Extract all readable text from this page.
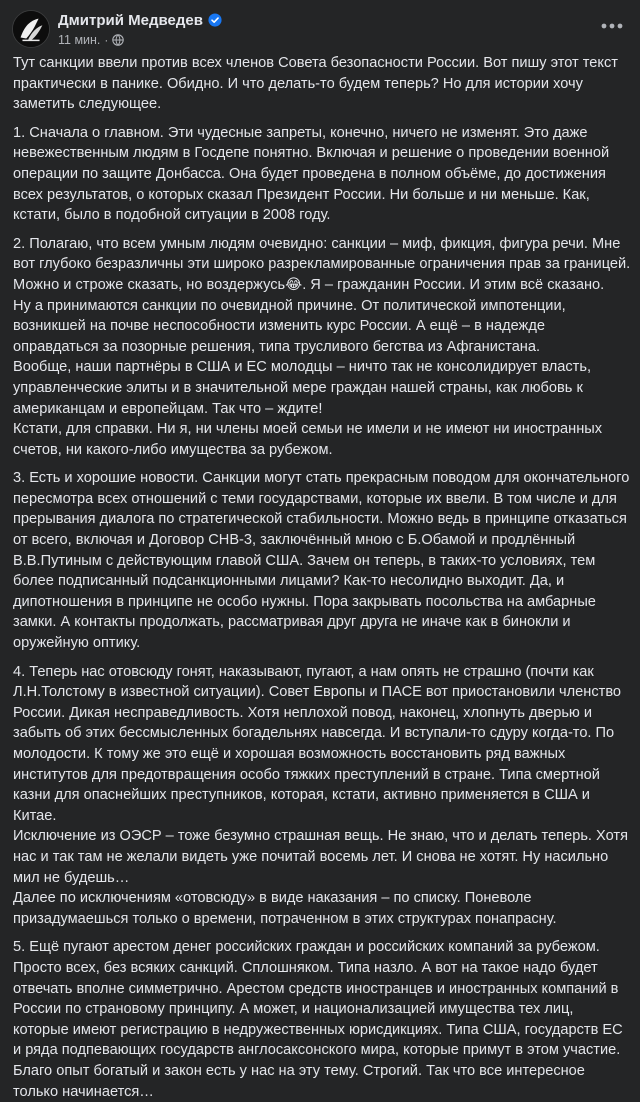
Дмитрий Медведев
11 мин. ·

Тут санкции ввели против всех членов Совета безопасности России. Вот пишу этот текст практически в панике. Обидно. И что делать-то будем теперь? Но для истории хочу заметить следующее.

1. Сначала о главном. Эти чудесные запреты, конечно, ничего не изменят. Это даже невежественным людям в Госдепе понятно. Включая и решение о проведении военной операции по защите Донбасса. Она будет проведена в полном объёме, до достижения всех результатов, о которых сказал Президент России. Ни больше и ни меньше. Как, кстати, было в подобной ситуации в 2008 году.

2. Полагаю, что всем умным людям очевидно: санкции – миф, фикция, фигура речи. Мне вот глубоко безразличны эти широко разрекламированные ограничения прав за границей. Можно и строже сказать, но воздержусь😂. Я – гражданин России. И этим всё сказано.
Ну а принимаются санкции по очевидной причине. От политической импотенции, возникшей на почве неспособности изменить курс России. А ещё – в надежде оправдаться за позорные решения, типа трусливого бегства из Афганистана.
Вообще, наши партнёры в США и ЕС молодцы – ничто так не консолидирует власть, управленческие элиты и в значительной мере граждан нашей страны, как любовь к американцам и европейцам. Так что – ждите!
Кстати, для справки. Ни я, ни члены моей семьи не имели и не имеют ни иностранных счетов, ни какого-либо имущества за рубежом.

3. Есть и хорошие новости. Санкции могут стать прекрасным поводом для окончательного пересмотра всех отношений с теми государствами, которые их ввели. В том числе и для прерывания диалога по стратегической стабильности. Можно ведь в принципе отказаться от всего, включая и Договор СНВ-3, заключённый мною с Б.Обамой и продлённый В.В.Путиным с действующим главой США. Зачем он теперь, в таких-то условиях, тем более подписанный подсанкционными лицами? Как-то несолидно выходит. Да, и дипотношения в принципе не особо нужны. Пора закрывать посольства на амбарные замки. А контакты продолжать, рассматривая друг друга не иначе как в бинокли и оружейную оптику.

4. Теперь нас отовсюду гонят, наказывают, пугают, а нам опять не страшно (почти как Л.Н.Толстому в известной ситуации). Совет Европы и ПАСЕ вот приостановили членство России. Дикая несправедливость. Хотя неплохой повод, наконец, хлопнуть дверью и забыть об этих бессмысленных богадельнях навсегда. И вступали-то сдуру когда-то. По молодости. К тому же это ещё и хорошая возможность восстановить ряд важных институтов для предотвращения особо тяжких преступлений в стране. Типа смертной казни для опаснейших преступников, которая, кстати, активно применяется в США и Китае.
Исключение из ОЭСР – тоже безумно страшная вещь. Не знаю, что и делать теперь. Хотя нас и так там не желали видеть уже почитай восемь лет. И снова не хотят. Ну насильно мил не будешь…
Далее по исключениям «отовсюду» в виде наказания – по списку. Поневоле призадумаешься только о времени, потраченном в этих структурах понапрасну.

5. Ещё пугают арестом денег российских граждан и российских компаний за рубежом. Просто всех, без всяких санкций. Сплошняком. Типа назло. А вот на такое надо будет отвечать вполне симметрично. Арестом средств иностранцев и иностранных компаний в России по страновому принципу. А может, и национализацией имущества тех лиц, которые имеют регистрацию в недружественных юрисдикциях. Типа США, государств ЕС и ряда подпевающих государств англосаксонского мира, которые примут в этом участие. Благо опыт богатый и закон есть у нас на эту тему. Строгий. Так что все интересное только начинается…
